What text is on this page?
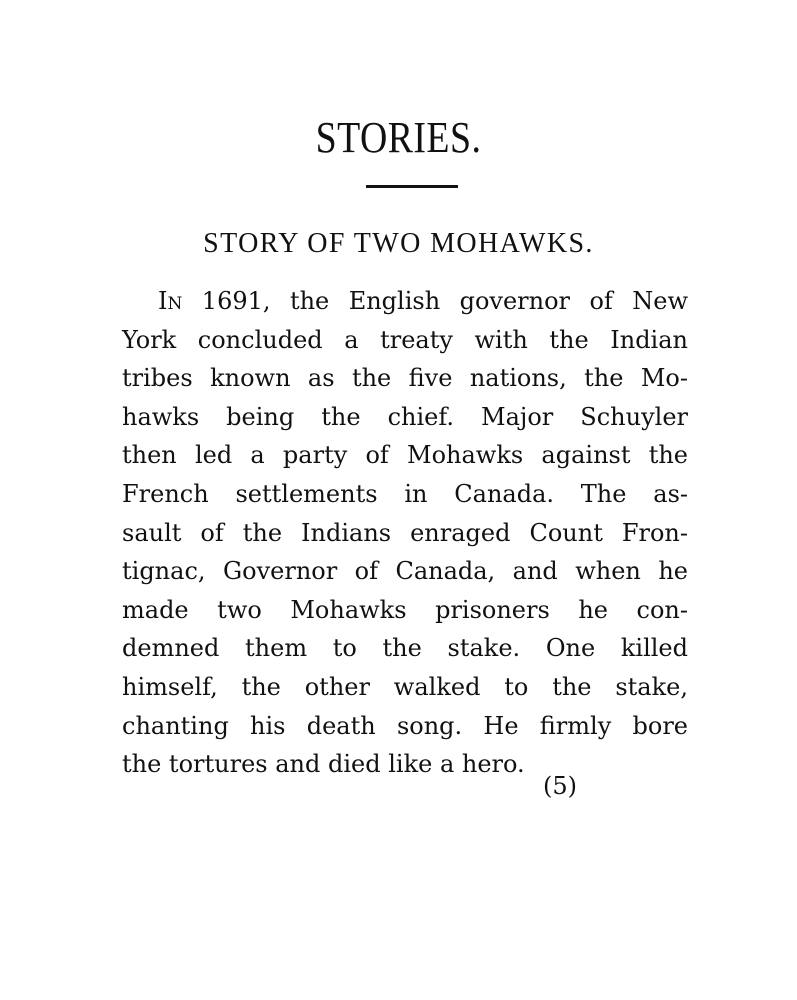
STORIES.
STORY OF TWO MOHAWKS.
In 1691, the English governor of New
York concluded a treaty with the Indian
tribes known as the five nations, the Mo-
hawks being the chief. Major Schuyler
then led a party of Mohawks against the
French settlements in Canada. The as-
sault of the Indians enraged Count Fron-
tignac, Governor of Canada, and when he
made two Mohawks prisoners he con-
demned them to the stake. One killed
himself, the other walked to the stake,
chanting his death song. He firmly bore
the tortures and died like a hero.
(5)
